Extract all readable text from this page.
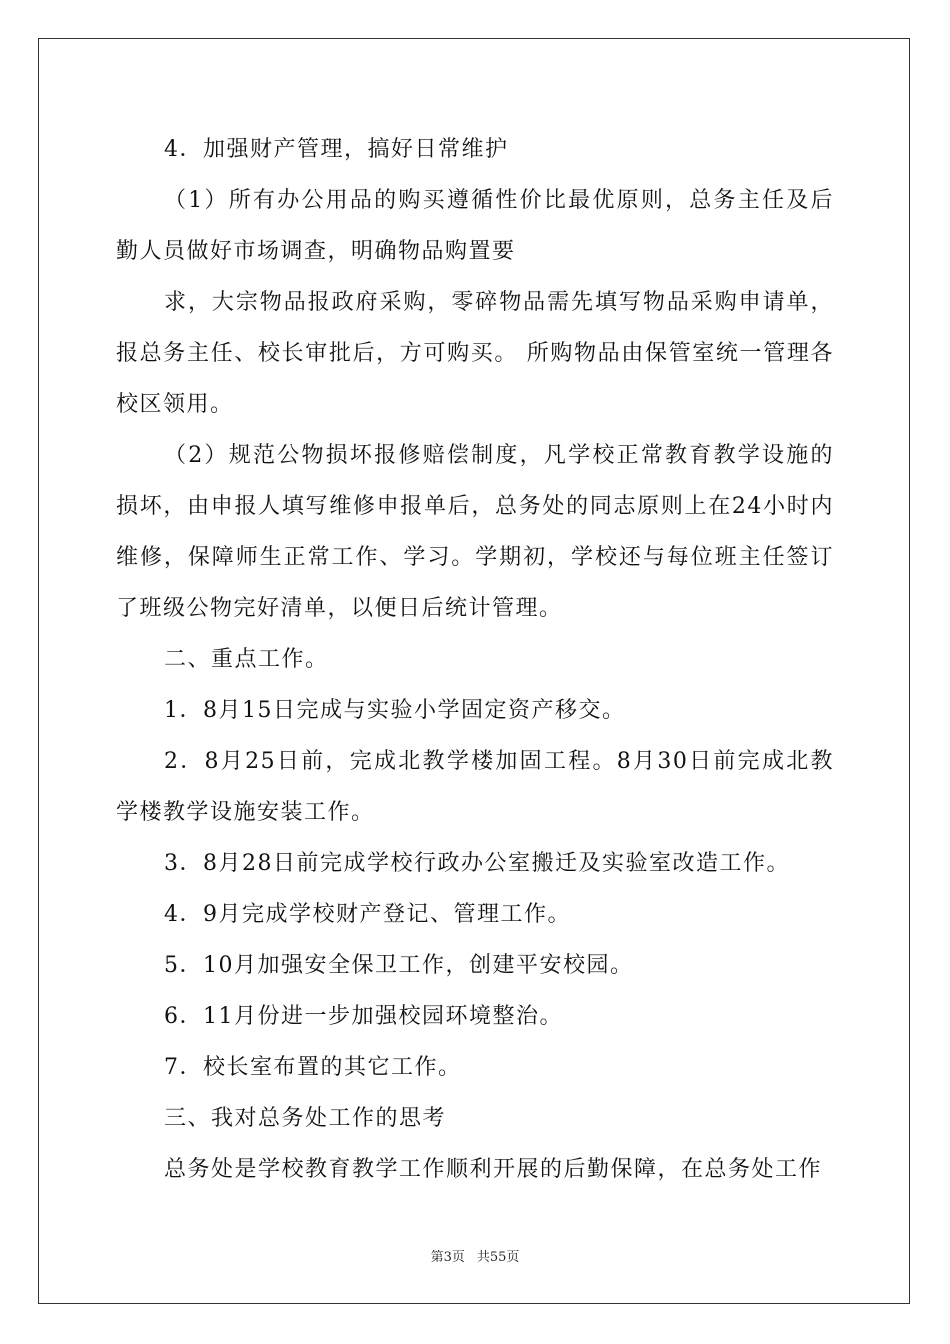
4．加强财产管理，搞好日常维护

（1）所有办公用品的购买遵循性价比最优原则，总务主任及后勤人员做好市场调查，明确物品购置要

求，大宗物品报政府采购，零碎物品需先填写物品采购申请单，报总务主任、校长审批后，方可购买。 所购物品由保管室统一管理各校区领用。

（2）规范公物损坏报修赔偿制度，凡学校正常教育教学设施的损坏，由申报人填写维修申报单后，总务处的同志原则上在24小时内维修，保障师生正常工作、学习。学期初，学校还与每位班主任签订了班级公物完好清单，以便日后统计管理。

二、重点工作。

1．8月15日完成与实验小学固定资产移交。

2．8月25日前，完成北教学楼加固工程。8月30日前完成北教学楼教学设施安装工作。

3．8月28日前完成学校行政办公室搬迁及实验室改造工作。

4．9月完成学校财产登记、管理工作。

5．10月加强安全保卫工作，创建平安校园。

6．11月份进一步加强校园环境整治。

7．校长室布置的其它工作。

三、我对总务处工作的思考

总务处是学校教育教学工作顺利开展的后勤保障，在总务处工作

第3页 共55页
